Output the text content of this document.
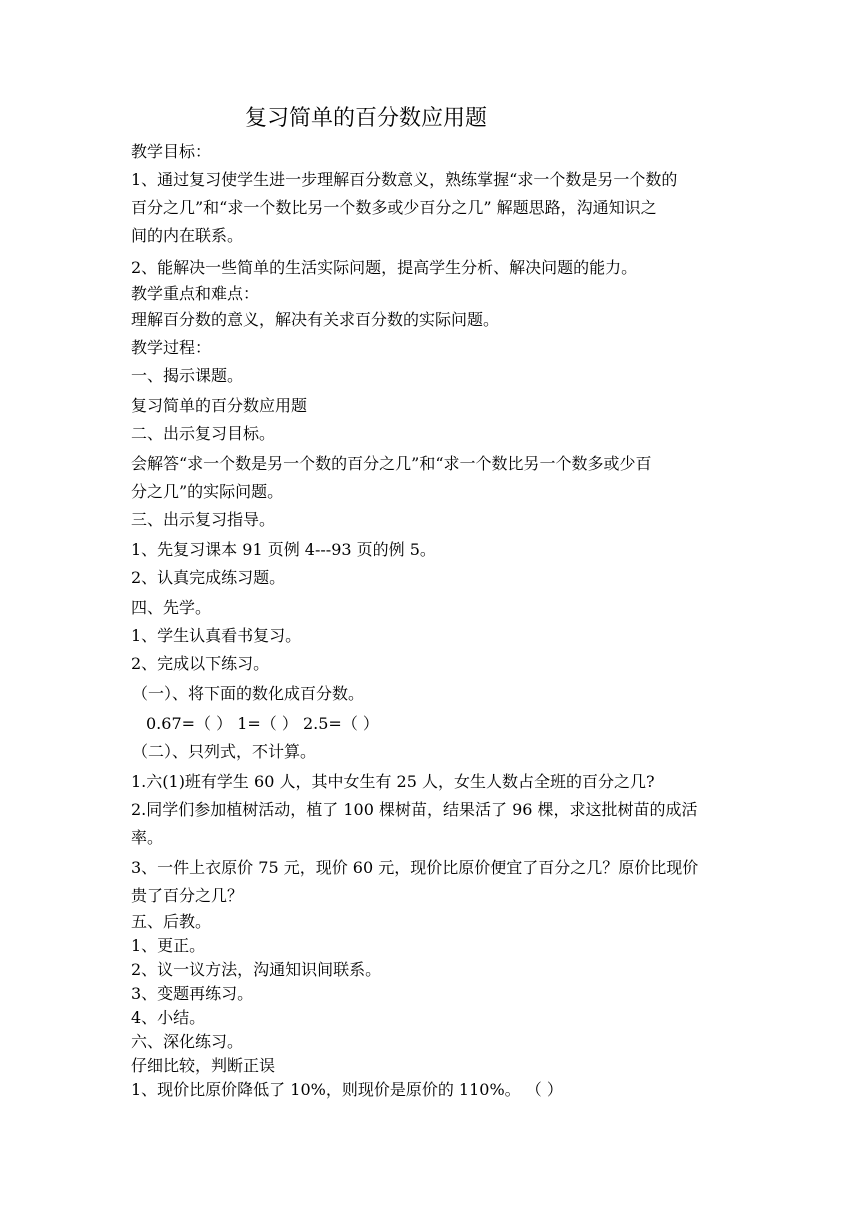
复习简单的百分数应用题
教学目标：
1、通过复习使学生进一步理解百分数意义，熟练掌握“求一个数是另一个数的
百分之几”和“求一个数比另一个数多或少百分之几” 解题思路，沟通知识之
间的内在联系。
2、能解决一些简单的生活实际问题，提高学生分析、解决问题的能力。
教学重点和难点：
理解百分数的意义，解决有关求百分数的实际问题。
教学过程：
一、揭示课题。
复习简单的百分数应用题
二、出示复习目标。
会解答“求一个数是另一个数的百分之几”和“求一个数比另一个数多或少百
分之几”的实际问题。
三、出示复习指导。
1、先复习课本 91 页例 4---93 页的例 5。
2、认真完成练习题。
四、先学。
1、学生认真看书复习。
2、完成以下练习。
（一）、将下面的数化成百分数。
0.67=（ ） 1=（ ） 2.5=（ ）
（二）、只列式，不计算。
1.六(1)班有学生 60 人，其中女生有 25 人，女生人数占全班的百分之几?
2.同学们参加植树活动，植了 100 棵树苗，结果活了 96 棵，求这批树苗的成活
率。
3、一件上衣原价 75 元，现价 60 元，现价比原价便宜了百分之几？原价比现价
贵了百分之几？
五、后教。
1、更正。
2、议一议方法，沟通知识间联系。
3、变题再练习。
4、小结。
六、深化练习。
仔细比较，判断正误
1、现价比原价降低了 10%，则现价是原价的 110%。 （ ）
